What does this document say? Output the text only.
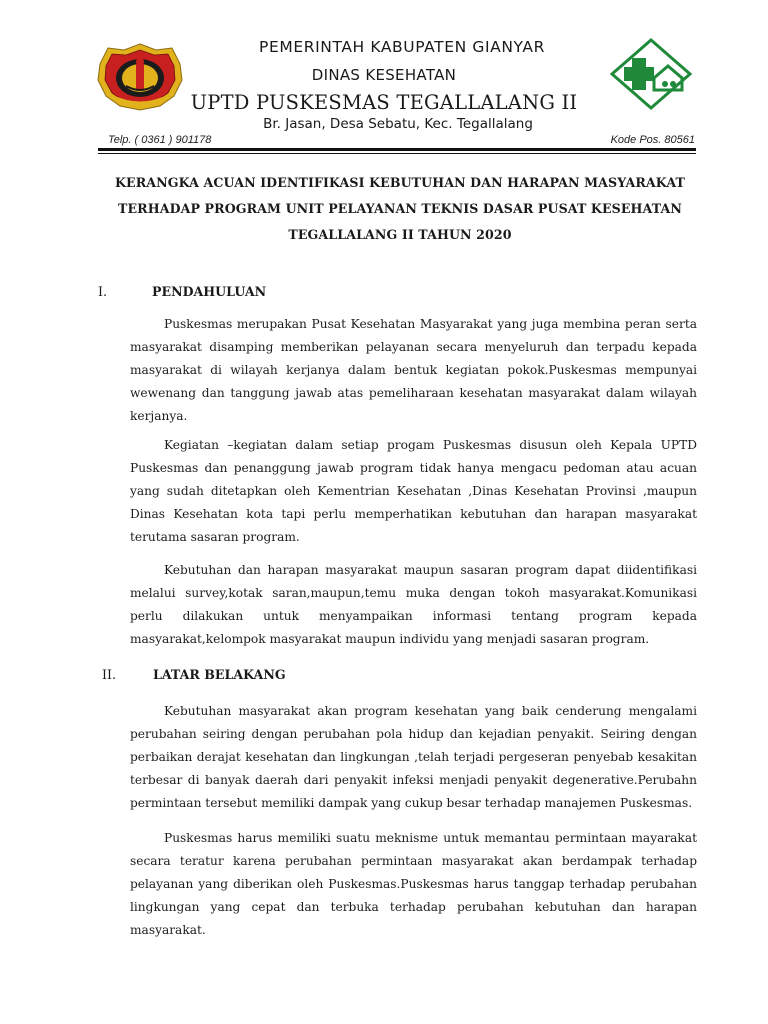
PEMERINTAH KABUPATEN GIANYAR
DINAS KESEHATAN
UPTD PUSKESMAS TEGALLALANG II
Br. Jasan, Desa Sebatu, Kec. Tegallalang
Telp. ( 0361 ) 901178	Kode Pos. 80561
KERANGKA ACUAN IDENTIFIKASI KEBUTUHAN DAN HARAPAN MASYARAKAT
TERHADAP PROGRAM UNIT PELAYANAN TEKNIS DASAR PUSAT KESEHATAN
TEGALLALANG II TAHUN 2020
I.	PENDAHULUAN

Puskesmas merupakan Pusat Kesehatan Masyarakat yang juga membina peran serta masyarakat disamping memberikan pelayanan secara menyeluruh dan terpadu kepada masyarakat di wilayah kerjanya dalam bentuk kegiatan pokok.Puskesmas mempunyai wewenang dan tanggung jawab atas pemeliharaan kesehatan masyarakat dalam wilayah kerjanya.

Kegiatan –kegiatan dalam setiap progam Puskesmas disusun oleh Kepala UPTD Puskesmas dan penanggung jawab program tidak hanya mengacu pedoman atau acuan yang sudah ditetapkan oleh Kementrian Kesehatan ,Dinas Kesehatan Provinsi ,maupun Dinas Kesehatan kota tapi perlu memperhatikan kebutuhan dan harapan masyarakat terutama sasaran program.

Kebutuhan dan harapan masyarakat maupun sasaran program dapat diidentifikasi melalui survey,kotak saran,maupun,temu muka dengan tokoh masyarakat.Komunikasi perlu dilakukan untuk menyampaikan informasi tentang program kepada masyarakat,kelompok masyarakat maupun individu yang menjadi sasaran program.

II.	LATAR BELAKANG

Kebutuhan masyarakat akan program kesehatan yang baik cenderung mengalami perubahan seiring dengan perubahan pola hidup dan kejadian penyakit. Seiring dengan perbaikan derajat kesehatan dan lingkungan ,telah terjadi pergeseran penyebab kesakitan terbesar di banyak daerah dari penyakit infeksi menjadi penyakit degenerative.Perubahn permintaan tersebut memiliki dampak yang cukup besar terhadap manajemen Puskesmas.

Puskesmas harus memiliki suatu meknisme untuk memantau permintaan mayarakat secara teratur karena perubahan permintaan masyarakat akan berdampak terhadap pelayanan yang diberikan oleh Puskesmas.Puskesmas harus tanggap terhadap perubahan lingkungan yang cepat dan terbuka terhadap perubahan kebutuhan dan harapan masyarakat.
